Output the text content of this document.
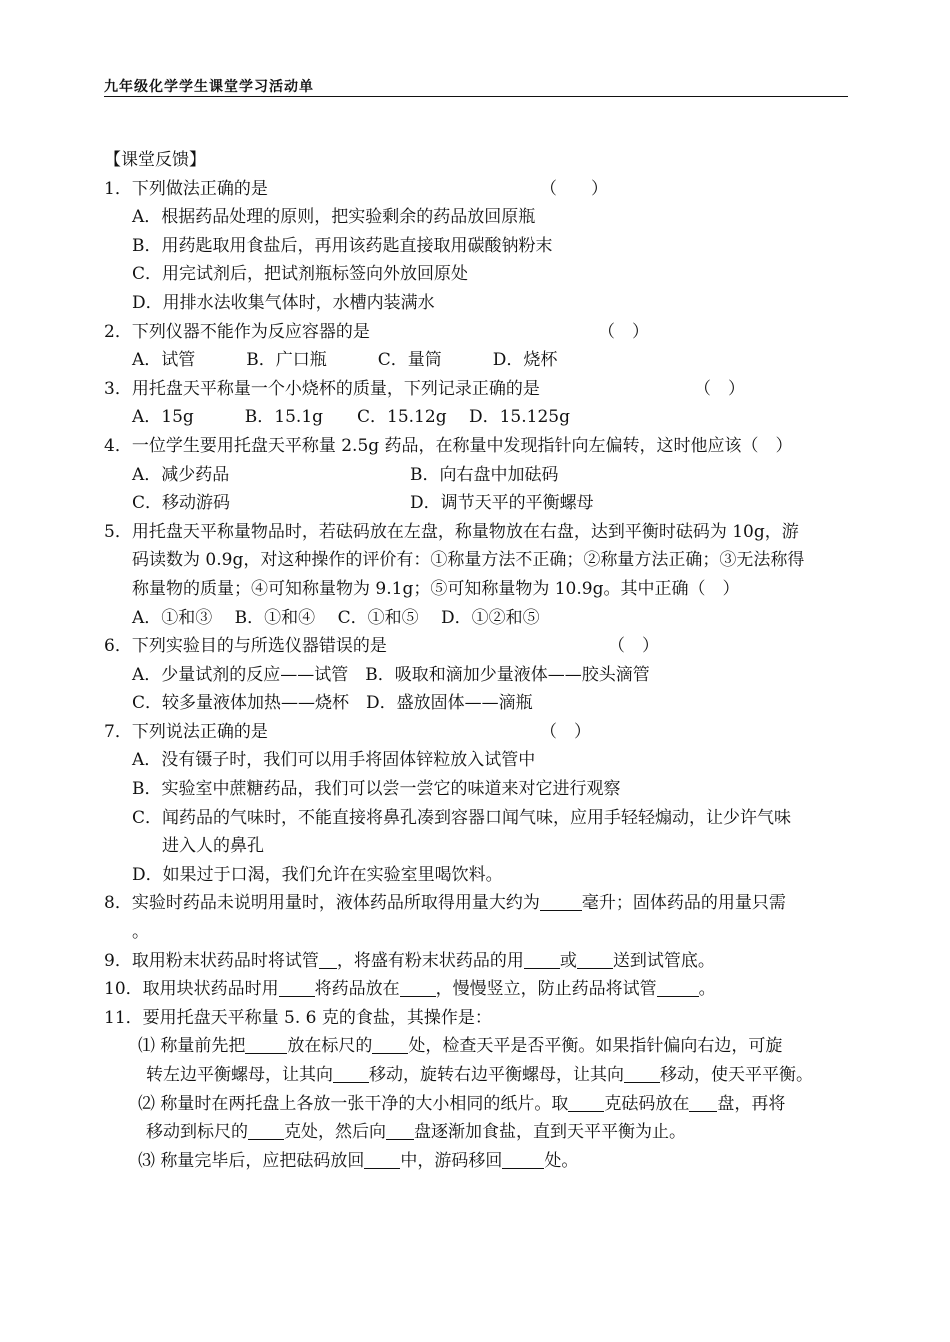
九年级化学学生课堂学习活动单
【课堂反馈】
1．下列做法正确的是	（　　）
A．根据药品处理的原则，把实验剩余的药品放回原瓶
B．用药匙取用食盐后，再用该药匙直接取用碳酸钠粉末
C．用完试剂后，把试剂瓶标签向外放回原处
D．用排水法收集气体时，水槽内装满水
2．下列仪器不能作为反应容器的是	（　）
A．试管　　　B．广口瓶　　　C．量筒　　　D．烧杯
3．用托盘天平称量一个小烧杯的质量，下列记录正确的是	（　）
A．15g　　　B．15.1g　　C．15.12g　 D．15.125g
4．一位学生要用托盘天平称量 2.5g 药品，在称量中发现指针向左偏转，这时他应该（　）
A．减少药品	B．向右盘中加砝码
C．移动游码	D．调节天平的平衡螺母
5．用托盘天平称量物品时，若砝码放在左盘，称量物放在右盘，达到平衡时砝码为 10g，游
码读数为 0.9g，对这种操作的评价有：①称量方法不正确；②称量方法正确；③无法称得
称量物的质量；④可知称量物为 9.1g；⑤可知称量物为 10.9g。其中正确（　）
A．①和③　 B．①和④　 C．①和⑤　 D．①②和⑤
6．下列实验目的与所选仪器错误的是	（　）
A．少量试剂的反应——试管　B．吸取和滴加少量液体——胶头滴管
C．较多量液体加热——烧杯　D．盛放固体——滴瓶
7．下列说法正确的是	（　）
A．没有镊子时，我们可以用手将固体锌粒放入试管中
B．实验室中蔗糖药品，我们可以尝一尝它的味道来对它进行观察
C．闻药品的气味时，不能直接将鼻孔凑到容器口闻气味，应用手轻轻煽动，让少许气味
进入人的鼻孔
D．如果过于口渴，我们允许在实验室里喝饮料。
8．实验时药品未说明用量时，液体药品所取得用量大约为 毫升；固体药品的用量只需
。
9．取用粉末状药品时将试管 ，将盛有粉末状药品的用 或 送到试管底。
10．取用块状药品时用 将药品放在 ，慢慢竖立，防止药品将试管 。
11．要用托盘天平称量 5. 6 克的食盐，其操作是：
⑴ 称量前先把 放在标尺的 处，检查天平是否平衡。如果指针偏向右边，可旋
转左边平衡螺母，让其向 移动，旋转右边平衡螺母，让其向 移动，使天平平衡。
⑵ 称量时在两托盘上各放一张干净的大小相同的纸片。取 克砝码放在 盘，再将
移动到标尺的 克处，然后向 盘逐渐加食盐，直到天平平衡为止。
⑶ 称量完毕后，应把砝码放回 中，游码移回 处。
